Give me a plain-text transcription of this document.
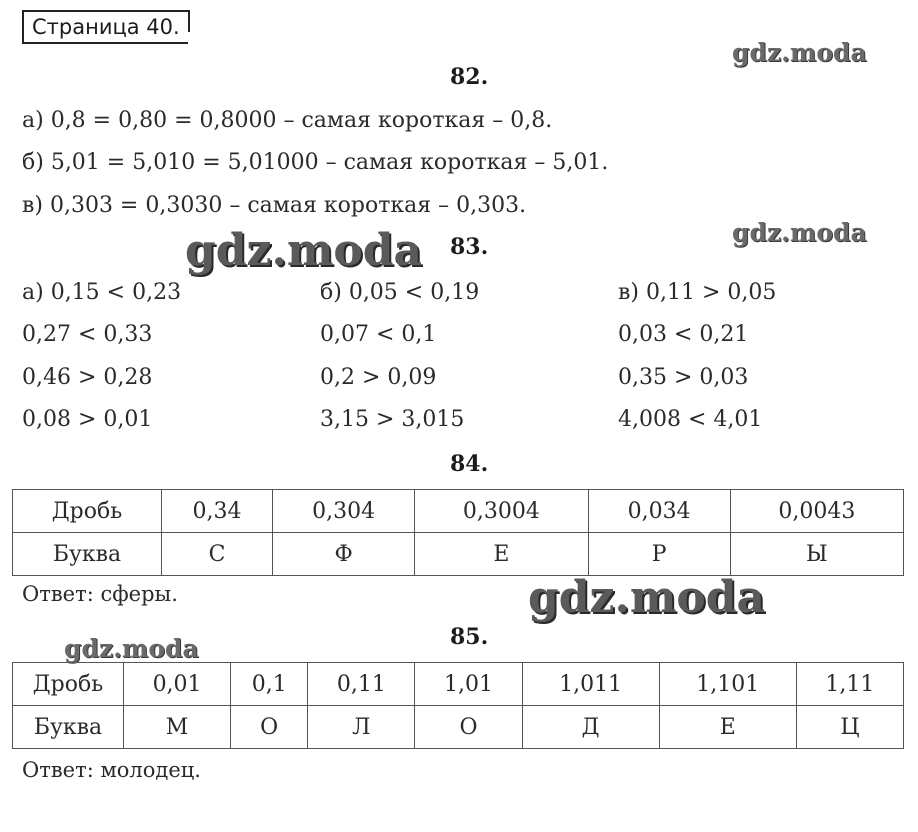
Страница 40.
gdz.moda
gdz.moda
gdz.moda
gdz.moda
gdz.moda
82.
а) 0,8 = 0,80 = 0,8000 – самая короткая – 0,8.
б) 5,01 = 5,010 = 5,01000 – самая короткая – 5,01.
в) 0,303 = 0,3030 – самая короткая – 0,303.
83.
а) 0,15 < 0,23
0,27 < 0,33
0,46 > 0,28
0,08 > 0,01
б) 0,05 < 0,19
0,07 < 0,1
0,2 > 0,09
3,15 > 3,015
в) 0,11 > 0,05
0,03 < 0,21
0,35 > 0,03
4,008 < 4,01
84.
Дробь	0,34	0,304	0,3004	0,034	0,0043
Буква	С	Ф	Е	Р	Ы
Ответ: сферы.
85.
Дробь	0,01	0,1	0,11	1,01	1,011	1,101	1,11
Буква	М	О	Л	О	Д	Е	Ц
Ответ: молодец.
